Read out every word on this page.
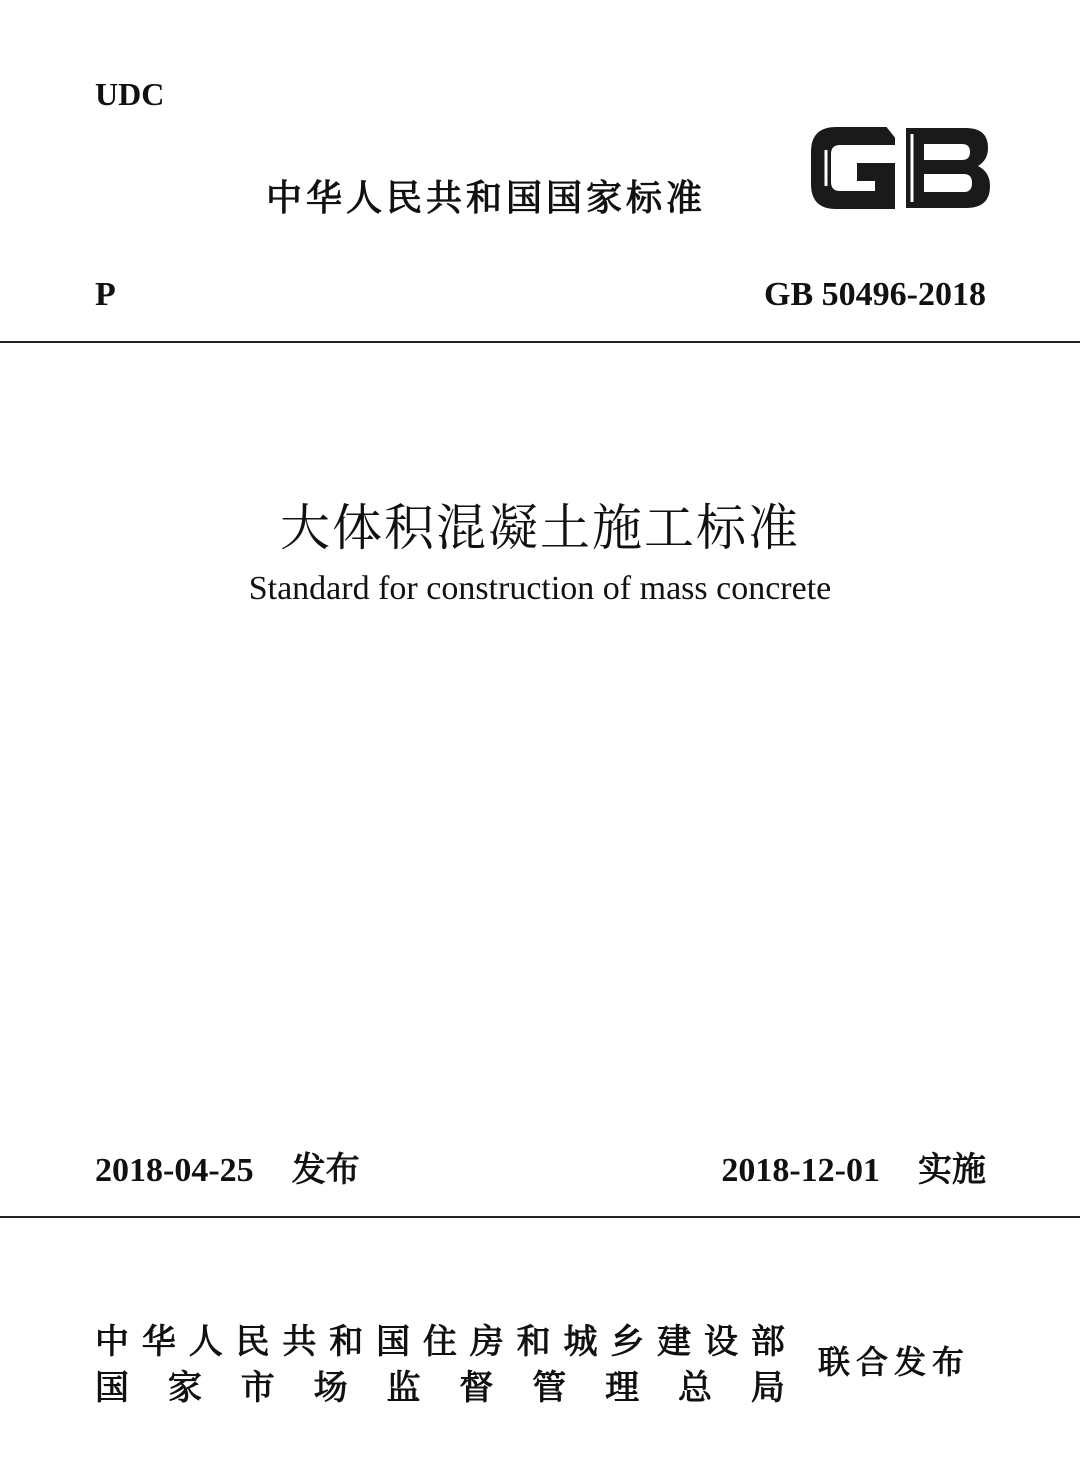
UDC
中华人民共和国国家标准
P	GB 50496-2018
大体积混凝土施工标准
Standard for construction of mass concrete
2018-04-25 发布	2018-12-01 实施
中 华 人 民 共 和 国 住 房 和 城 乡 建 设 部
国 家 市 场 监 督 管 理 总 局
联合发布
